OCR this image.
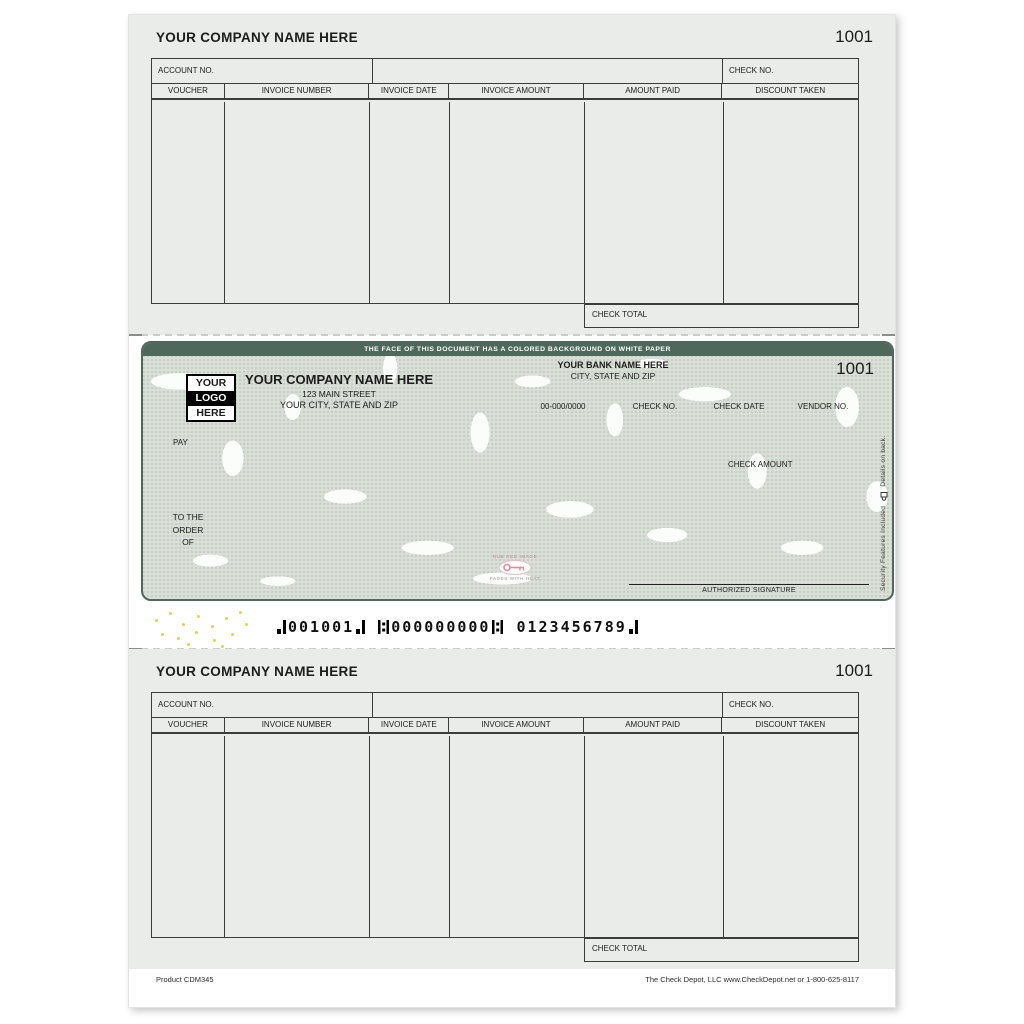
YOUR COMPANY NAME HERE	1001
ACCOUNT NO.	CHECK NO.
VOUCHER	INVOICE NUMBER	INVOICE DATE	INVOICE AMOUNT	AMOUNT PAID	DISCOUNT TAKEN
CHECK TOTAL
THE FACE OF THIS DOCUMENT HAS A COLORED BACKGROUND ON WHITE PAPER
1001
YOUR
LOGO
HERE
YOUR COMPANY NAME HERE
123 MAIN STREET
YOUR CITY, STATE AND ZIP
YOUR BANK NAME HERE
CITY, STATE AND ZIP
00-000/0000	CHECK NO.	CHECK DATE	VENDOR NO.
PAY
CHECK AMOUNT
TO THE
ORDER
OF
RUB RED IMAGE
FADES WITH HEAT
AUTHORIZED SIGNATURE	Security Features Included  Details on back.
001001 000000000 0123456789
YOUR COMPANY NAME HERE	1001
ACCOUNT NO.	CHECK NO.
VOUCHER	INVOICE NUMBER	INVOICE DATE	INVOICE AMOUNT	AMOUNT PAID	DISCOUNT TAKEN
CHECK TOTAL
Product CDM345	The Check Depot, LLC www.CheckDepot.net or 1-800-625-8117
